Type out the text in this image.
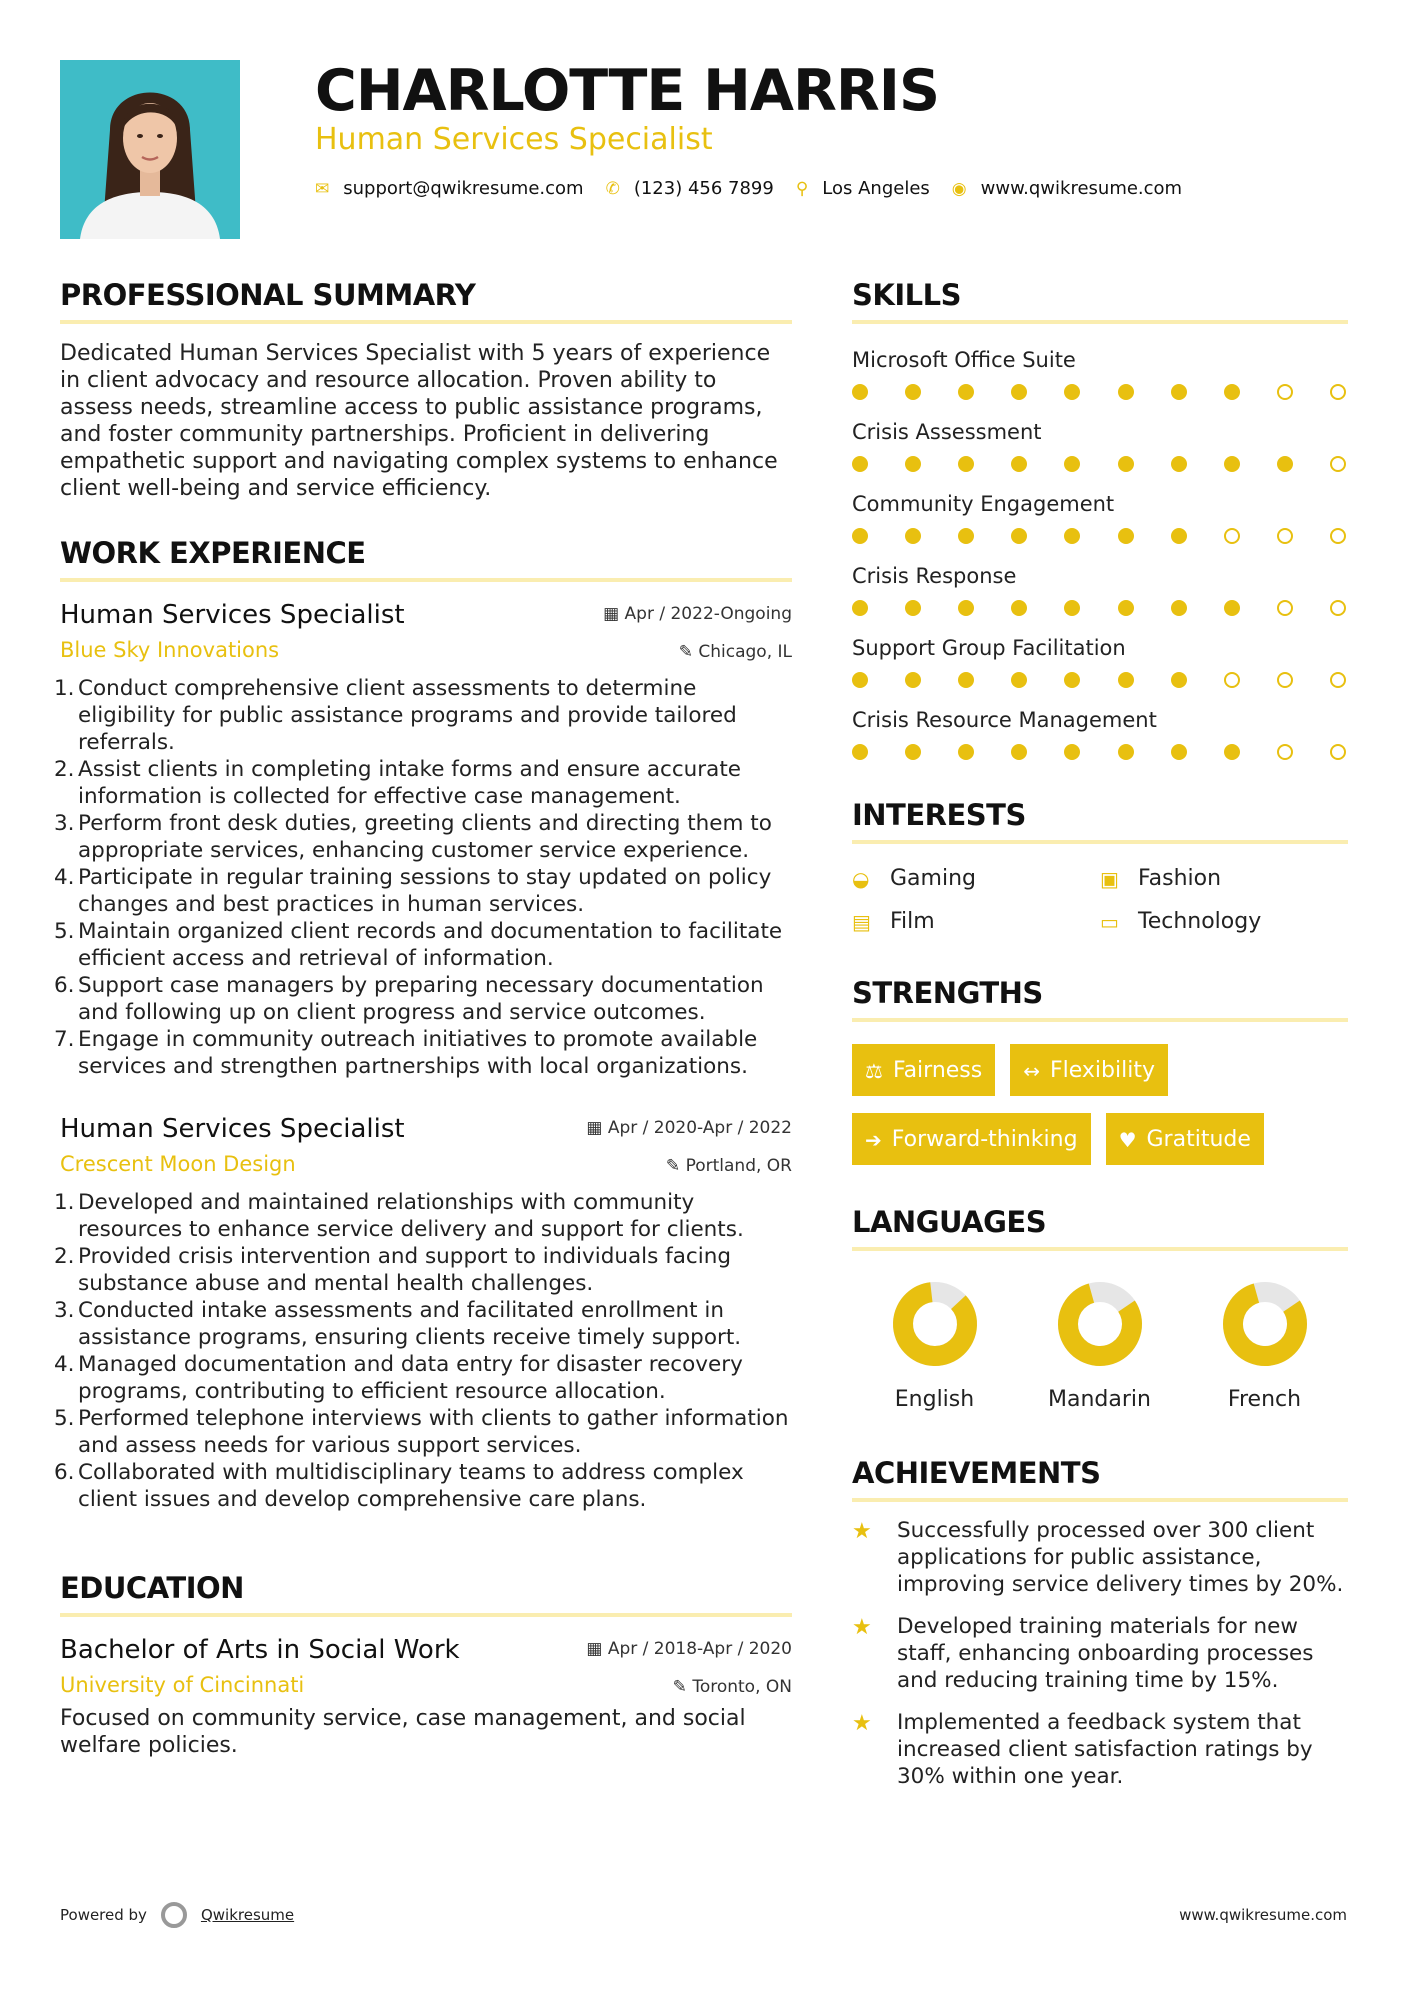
CHARLOTTE HARRIS
Human Services Specialist
✉ support@qwikresume.com ✆ (123) 456 7899 ⚲ Los Angeles ◉ www.qwikresume.com
PROFESSIONAL SUMMARY

Dedicated Human Services Specialist with 5 years of experience in client advocacy and resource allocation. Proven ability to assess needs, streamline access to public assistance programs, and foster community partnerships. Proficient in delivering empathetic support and navigating complex systems to enhance client well-being and service efficiency.

WORK EXPERIENCE
Human Services Specialist	▦ Apr / 2022-Ongoing
Blue Sky Innovations	✎ Chicago, IL
1. Conduct comprehensive client assessments to determine eligibility for public assistance programs and provide tailored referrals.
2. Assist clients in completing intake forms and ensure accurate information is collected for effective case management.
3. Perform front desk duties, greeting clients and directing them to appropriate services, enhancing customer service experience.
4. Participate in regular training sessions to stay updated on policy changes and best practices in human services.
5. Maintain organized client records and documentation to facilitate efficient access and retrieval of information.
6. Support case managers by preparing necessary documentation and following up on client progress and service outcomes.
7. Engage in community outreach initiatives to promote available services and strengthen partnerships with local organizations.
Human Services Specialist	▦ Apr / 2020-Apr / 2022
Crescent Moon Design	✎ Portland, OR
1. Developed and maintained relationships with community resources to enhance service delivery and support for clients.
2. Provided crisis intervention and support to individuals facing substance abuse and mental health challenges.
3. Conducted intake assessments and facilitated enrollment in assistance programs, ensuring clients receive timely support.
4. Managed documentation and data entry for disaster recovery programs, contributing to efficient resource allocation.
5. Performed telephone interviews with clients to gather information and assess needs for various support services.
6. Collaborated with multidisciplinary teams to address complex client issues and develop comprehensive care plans.
EDUCATION
Bachelor of Arts in Social Work	▦ Apr / 2018-Apr / 2020
University of Cincinnati	✎ Toronto, ON

Focused on community service, case management, and social welfare policies.

SKILLS
Microsoft Office Suite
Crisis Assessment
Community Engagement
Crisis Response
Support Group Facilitation
Crisis Resource Management
INTERESTS
◒ Gaming	▣ Fashion
▤ Film	▭ Technology
STRENGTHS
⚖ Fairness ↔ Flexibility
➔ Forward-thinking ♥ Gratitude
LANGUAGES
English	Mandarin	French
ACHIEVEMENTS
★	Successfully processed over 300 client applications for public assistance, improving service delivery times by 20%.
★	Developed training materials for new staff, enhancing onboarding processes and reducing training time by 15%.
★	Implemented a feedback system that increased client satisfaction ratings by 30% within one year.
Powered by	Qwikresume	www.qwikresume.com
